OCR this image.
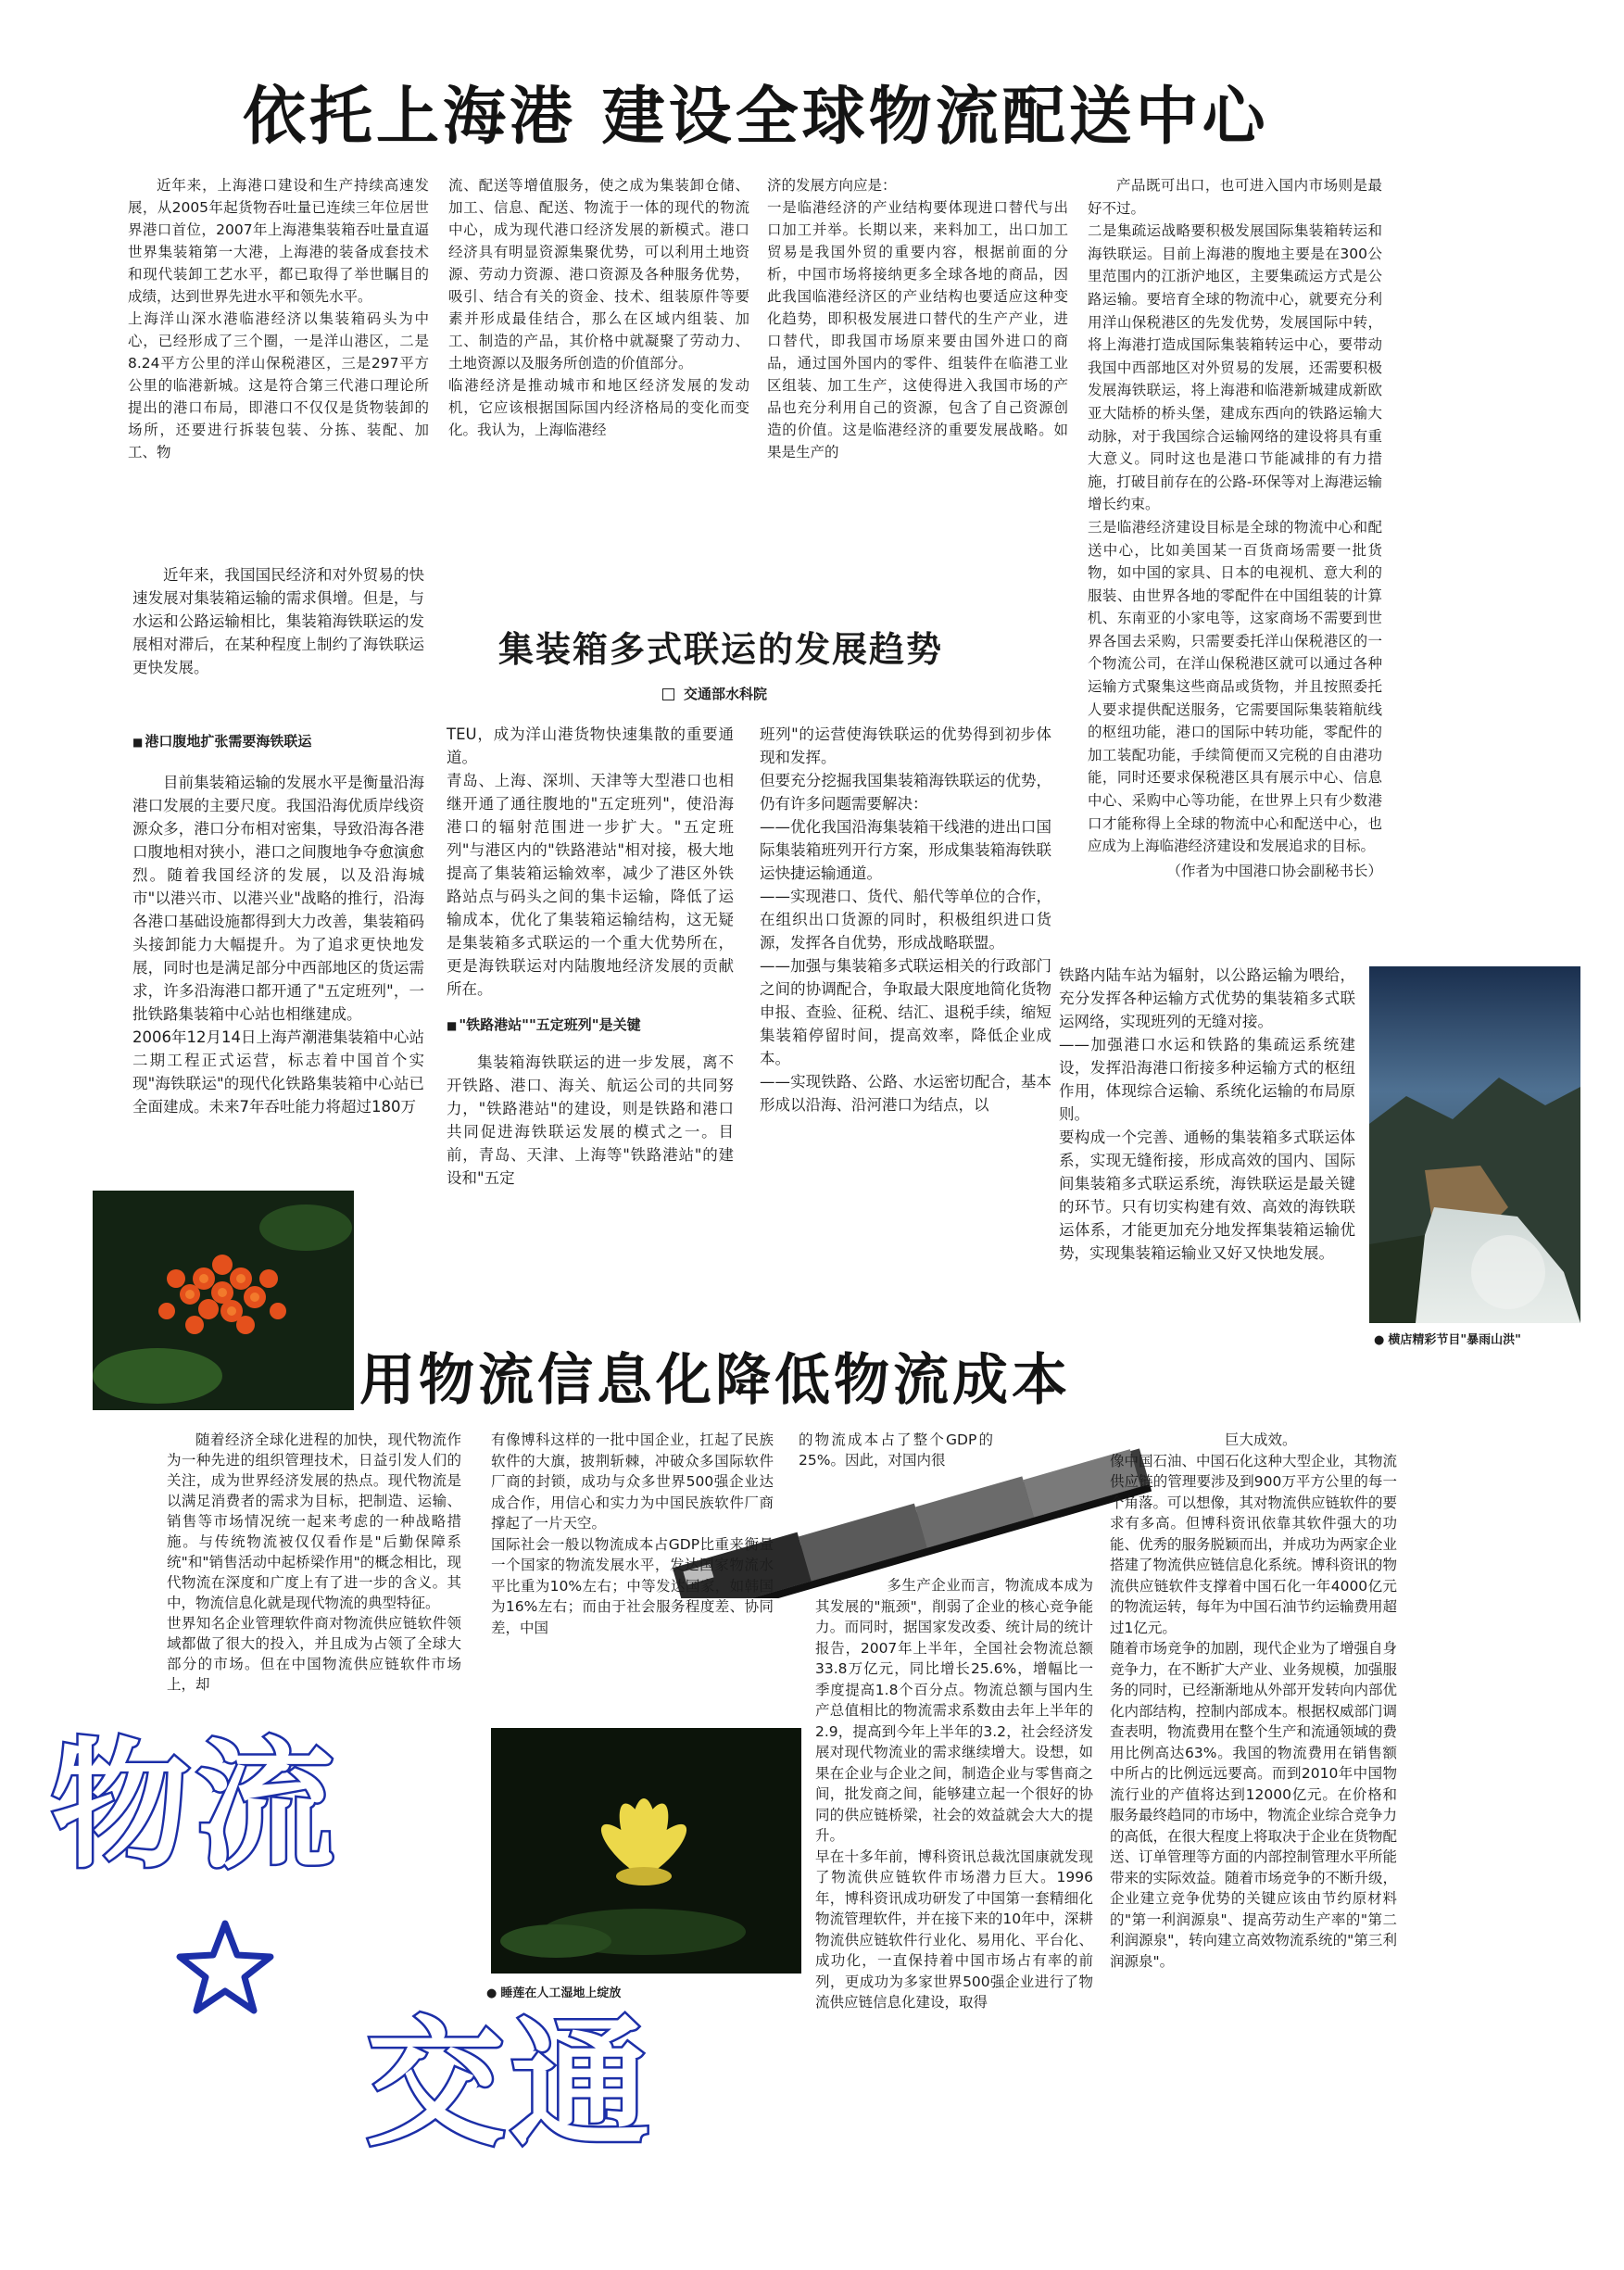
依托上海港 建设全球物流配送中心
近年来，上海港口建设和生产持续高速发展，从2005年起货物吞吐量已连续三年位居世界港口首位，2007年上海港集装箱吞吐量直逼世界集装箱第一大港，上海港的装备成套技术和现代装卸工艺水平，都已取得了举世瞩目的成绩，达到世界先进水平和领先水平。
上海洋山深水港临港经济以集装箱码头为中心，已经形成了三个圈，一是洋山港区，二是8.24平方公里的洋山保税港区，三是297平方公里的临港新城。这是符合第三代港口理论所提出的港口布局，即港口不仅仅是货物装卸的场所，还要进行拆装包装、分拣、装配、加工、物
流、配送等增值服务，使之成为集装卸仓储、加工、信息、配送、物流于一体的现代的物流中心，成为现代港口经济发展的新模式。港口经济具有明显资源集聚优势，可以利用土地资源、劳动力资源、港口资源及各种服务优势，吸引、结合有关的资金、技术、组装原件等要素并形成最佳结合，那么在区域内组装、加工、制造的产品，其价格中就凝聚了劳动力、土地资源以及服务所创造的价值部分。
临港经济是推动城市和地区经济发展的发动机，它应该根据国际国内经济格局的变化而变化。我认为，上海临港经
济的发展方向应是：
一是临港经济的产业结构要体现进口替代与出口加工并举。长期以来，来料加工，出口加工贸易是我国外贸的重要内容，根据前面的分析，中国市场将接纳更多全球各地的商品，因此我国临港经济区的产业结构也要适应这种变化趋势，即积极发展进口替代的生产产业，进口替代，即我国市场原来要由国外进口的商品，通过国外国内的零件、组装件在临港工业区组装、加工生产，这使得进入我国市场的产品也充分利用自己的资源，包含了自己资源创造的价值。这是临港经济的重要发展战略。如果是生产的
产品既可出口，也可进入国内市场则是最好不过。
二是集疏运战略要积极发展国际集装箱转运和海铁联运。目前上海港的腹地主要是在300公里范围内的江浙沪地区，主要集疏运方式是公路运输。要培育全球的物流中心，就要充分利用洋山保税港区的先发优势，发展国际中转，将上海港打造成国际集装箱转运中心，要带动我国中西部地区对外贸易的发展，还需要积极发展海铁联运，将上海港和临港新城建成新欧亚大陆桥的桥头堡，建成东西向的铁路运输大动脉，对于我国综合运输网络的建设将具有重大意义。同时这也是港口节能减排的有力措施，打破目前存在的公路-环保等对上海港运输增长约束。
三是临港经济建设目标是全球的物流中心和配送中心，比如美国某一百货商场需要一批货物，如中国的家具、日本的电视机、意大利的服装、由世界各地的零配件在中国组装的计算机、东南亚的小家电等，这家商场不需要到世界各国去采购，只需要委托洋山保税港区的一个物流公司，在洋山保税港区就可以通过各种运输方式聚集这些商品或货物，并且按照委托人要求提供配送服务，它需要国际集装箱航线的枢纽功能，港口的国际中转功能，零配件的加工装配功能，手续简便而又完税的自由港功能，同时还要求保税港区具有展示中心、信息中心、采购中心等功能，在世界上只有少数港口才能称得上全球的物流中心和配送中心，也应成为上海临港经济建设和发展追求的目标。
（作者为中国港口协会副秘书长）
近年来，我国国民经济和对外贸易的快速发展对集装箱运输的需求俱增。但是，与水运和公路运输相比，集装箱海铁联运的发展相对滞后，在某种程度上制约了海铁联运更快发展。	集装箱多式联运的发展趋势
交通部水科院
■ 港口腹地扩张需要海铁联运
目前集装箱运输的发展水平是衡量沿海港口发展的主要尺度。我国沿海优质岸线资源众多，港口分布相对密集，导致沿海各港口腹地相对狭小，港口之间腹地争夺愈演愈烈。随着我国经济的发展，以及沿海城市"以港兴市、以港兴业"战略的推行，沿海各港口基础设施都得到大力改善，集装箱码头接卸能力大幅提升。为了追求更快地发展，同时也是满足部分中西部地区的货运需求，许多沿海港口都开通了"五定班列"，一批铁路集装箱中心站也相继建成。
2006年12月14日上海芦潮港集装箱中心站二期工程正式运营，标志着中国首个实现"海铁联运"的现代化铁路集装箱中心站已全面建成。未来7年吞吐能力将超过180万
TEU，成为洋山港货物快速集散的重要通道。
青岛、上海、深圳、天津等大型港口也相继开通了通往腹地的"五定班列"，使沿海港口的辐射范围进一步扩大。"五定班列"与港区内的"铁路港站"相对接，极大地提高了集装箱运输效率，减少了港区外铁路站点与码头之间的集卡运输，降低了运输成本，优化了集装箱运输结构，这无疑是集装箱多式联运的一个重大优势所在，更是海铁联运对内陆腹地经济发展的贡献所在。
■ "铁路港站""五定班列"是关键
集装箱海铁联运的进一步发展，离不开铁路、港口、海关、航运公司的共同努力，"铁路港站"的建设，则是铁路和港口共同促进海铁联运发展的模式之一。目前，青岛、天津、上海等"铁路港站"的建设和"五定
班列"的运营使海铁联运的优势得到初步体现和发挥。
但要充分挖掘我国集装箱海铁联运的优势，仍有许多问题需要解决：
——优化我国沿海集装箱干线港的进出口国际集装箱班列开行方案，形成集装箱海铁联运快捷运输通道。
——实现港口、货代、船代等单位的合作，在组织出口货源的同时，积极组织进口货源，发挥各自优势，形成战略联盟。
——加强与集装箱多式联运相关的行政部门之间的协调配合，争取最大限度地简化货物申报、查验、征税、结汇、退税手续，缩短集装箱停留时间，提高效率，降低企业成本。
——实现铁路、公路、水运密切配合，基本形成以沿海、沿河港口为结点，以
铁路内陆车站为辐射，以公路运输为喂给，充分发挥各种运输方式优势的集装箱多式联运网络，实现班列的无缝对接。
——加强港口水运和铁路的集疏运系统建设，发挥沿海港口衔接多种运输方式的枢纽作用，体现综合运输、系统化运输的布局原则。
要构成一个完善、通畅的集装箱多式联运体系，实现无缝衔接，形成高效的国内、国际间集装箱多式联运系统，海铁联运是最关键的环节。只有切实构建有效、高效的海铁联运体系，才能更加充分地发挥集装箱运输优势，实现集装箱运输业又好又快地发展。
● 横店精彩节目"暴雨山洪"
用物流信息化降低物流成本
随着经济全球化进程的加快，现代物流作为一种先进的组织管理技术，日益引发人们的关注，成为世界经济发展的热点。现代物流是以满足消费者的需求为目标，把制造、运输、销售等市场情况统一起来考虑的一种战略措施。与传统物流被仅仅看作是"后勤保障系统"和"销售活动中起桥梁作用"的概念相比，现代物流在深度和广度上有了进一步的含义。其中，物流信息化就是现代物流的典型特征。
世界知名企业管理软件商对物流供应链软件领域都做了很大的投入，并且成为占领了全球大部分的市场。但在中国物流供应链软件市场上，却
有像博科这样的一批中国企业，扛起了民族软件的大旗，披荆斩棘，冲破众多国际软件厂商的封锁，成功与众多世界500强企业达成合作，用信心和实力为中国民族软件厂商撑起了一片天空。
国际社会一般以物流成本占GDP比重来衡量一个国家的物流发展水平，发达国家物流水平比重为10%左右；中等发达国家，如韩国为16%左右；而由于社会服务程度差、协同差，中国
的物流成本占了整个GDP的25%。因此，对国内很
多生产企业而言，物流成本成为其发展的"瓶颈"，削弱了企业的核心竞争能力。而同时，据国家发改委、统计局的统计报告，2007年上半年，全国社会物流总额33.8万亿元，同比增长25.6%，增幅比一季度提高1.8个百分点。物流总额与国内生产总值相比的物流需求系数由去年上半年的2.9，提高到今年上半年的3.2，社会经济发展对现代物流业的需求继续增大。设想，如果在企业与企业之间，制造企业与零售商之间，批发商之间，能够建立起一个很好的协同的供应链桥梁，社会的效益就会大大的提升。
早在十多年前，博科资讯总裁沈国康就发现了物流供应链软件市场潜力巨大。1996年，博科资讯成功研发了中国第一套精细化物流管理软件，并在接下来的10年中，深耕物流供应链软件行业化、易用化、平台化、成功化，一直保持着中国市场占有率的前列，更成功为多家世界500强企业进行了物流供应链信息化建设，取得
巨大成效。
像中国石油、中国石化这种大型企业，其物流供应链的管理要涉及到900万平方公里的每一个角落。可以想像，其对物流供应链软件的要求有多高。但博科资讯依靠其软件强大的功能、优秀的服务脱颖而出，并成功为两家企业搭建了物流供应链信息化系统。博科资讯的物流供应链软件支撑着中国石化一年4000亿元的物流运转，每年为中国石油节约运输费用超过1亿元。
随着市场竞争的加剧，现代企业为了增强自身竞争力，在不断扩大产业、业务规模，加强服务的同时，已经渐渐地从外部开发转向内部优化内部结构，控制内部成本。根据权威部门调查表明，物流费用在整个生产和流通领域的费用比例高达63%。我国的物流费用在销售额中所占的比例远远要高。而到2010年中国物流行业的产值将达到12000亿元。在价格和服务最终趋同的市场中，物流企业综合竞争力的高低，在很大程度上将取决于企业在货物配送、订单管理等方面的内部控制管理水平所能带来的实际效益。随着市场竞争的不断升级，企业建立竞争优势的关键应该由节约原材料的"第一利润源泉"、提高劳动生产率的"第二利润源泉"，转向建立高效物流系统的"第三利润源泉"。
● 睡莲在人工湿地上绽放
物流
交通
